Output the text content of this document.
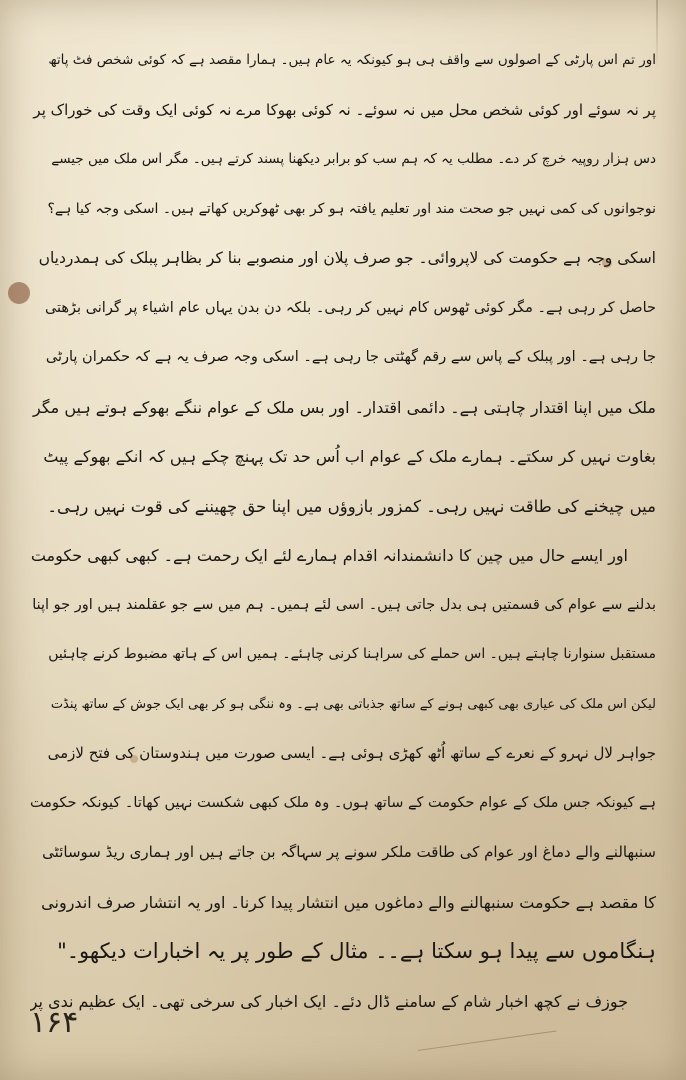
اور تم اس پارٹی کے اصولوں سے واقف ہی ہو کیونکہ یہ عام ہیں۔ ہمارا مقصد ہے کہ کوئی شخص فٹ پاتھ
پر نہ سوئے اور کوئی شخص محل میں نہ سوئے۔ نہ کوئی بھوکا مرے نہ کوئی ایک وقت کی خوراک پر
دس ہزار روپیہ خرچ کر دے۔ مطلب یہ کہ ہم سب کو برابر دیکھنا پسند کرتے ہیں۔ مگر اس ملک میں جیسے
نوجوانوں کی کمی نہیں جو صحت مند اور تعلیم یافتہ ہو کر بھی ٹھوکریں کھاتے ہیں۔ اسکی وجہ کیا ہے؟
اسکی وجہ ہے حکومت کی لاپروائی۔ جو صرف پلان اور منصوبے بنا کر بظاہر پبلک کی ہمدردیاں
حاصل کر رہی ہے۔ مگر کوئی ٹھوس کام نہیں کر رہی۔ بلکہ دن بدن یہاں عام اشیاء پر گرانی بڑھتی
جا رہی ہے۔ اور پبلک کے پاس سے رقم گھٹتی جا رہی ہے۔ اسکی وجہ صرف یہ ہے کہ حکمران پارٹی
ملک میں اپنا اقتدار چاہتی ہے۔ دائمی اقتدار۔ اور بس ملک کے عوام ننگے بھوکے ہوتے ہیں مگر
بغاوت نہیں کر سکتے۔ ہمارے ملک کے عوام اب اُس حد تک پہنچ چکے ہیں کہ انکے بھوکے پیٹ
میں چیخنے کی طاقت نہیں رہی۔ کمزور بازوؤں میں اپنا حق چھیننے کی قوت نہیں رہی۔
اور ایسے حال میں چین کا دانشمندانہ اقدام ہمارے لئے ایک رحمت ہے۔ کبھی کبھی حکومت
بدلنے سے عوام کی قسمتیں ہی بدل جاتی ہیں۔ اسی لئے ہمیں۔ ہم میں سے جو عقلمند ہیں اور جو اپنا
مستقبل سنوارنا چاہتے ہیں۔ اس حملے کی سراہنا کرنی چاہئے۔ ہمیں اس کے ہاتھ مضبوط کرنے چاہئیں
لیکن اس ملک کی عیاری بھی کبھی ہونے کے ساتھ جذباتی بھی ہے۔ وہ ننگی ہو کر بھی ایک جوش کے ساتھ پنڈت
جواہر لال نہرو کے نعرے کے ساتھ اُٹھ کھڑی ہوئی ہے۔ ایسی صورت میں ہندوستان کی فتح لازمی
ہے کیونکہ جس ملک کے عوام حکومت کے ساتھ ہوں۔ وہ ملک کبھی شکست نہیں کھاتا۔ کیونکہ حکومت
سنبھالنے والے دماغ اور عوام کی طاقت ملکر سونے پر سہاگہ بن جاتے ہیں اور ہماری ریڈ سوسائٹی
کا مقصد ہے حکومت سنبھالنے والے دماغوں میں انتشار پیدا کرنا۔ اور یہ انتشار صرف اندرونی
ہنگاموں سے پیدا ہو سکتا ہے۔۔ مثال کے طور پر یہ اخبارات دیکھو۔"
جوزف نے کچھ اخبار شام کے سامنے ڈال دئے۔ ایک اخبار کی سرخی تھی۔ ایک عظیم ندی پر
۱۶۴
